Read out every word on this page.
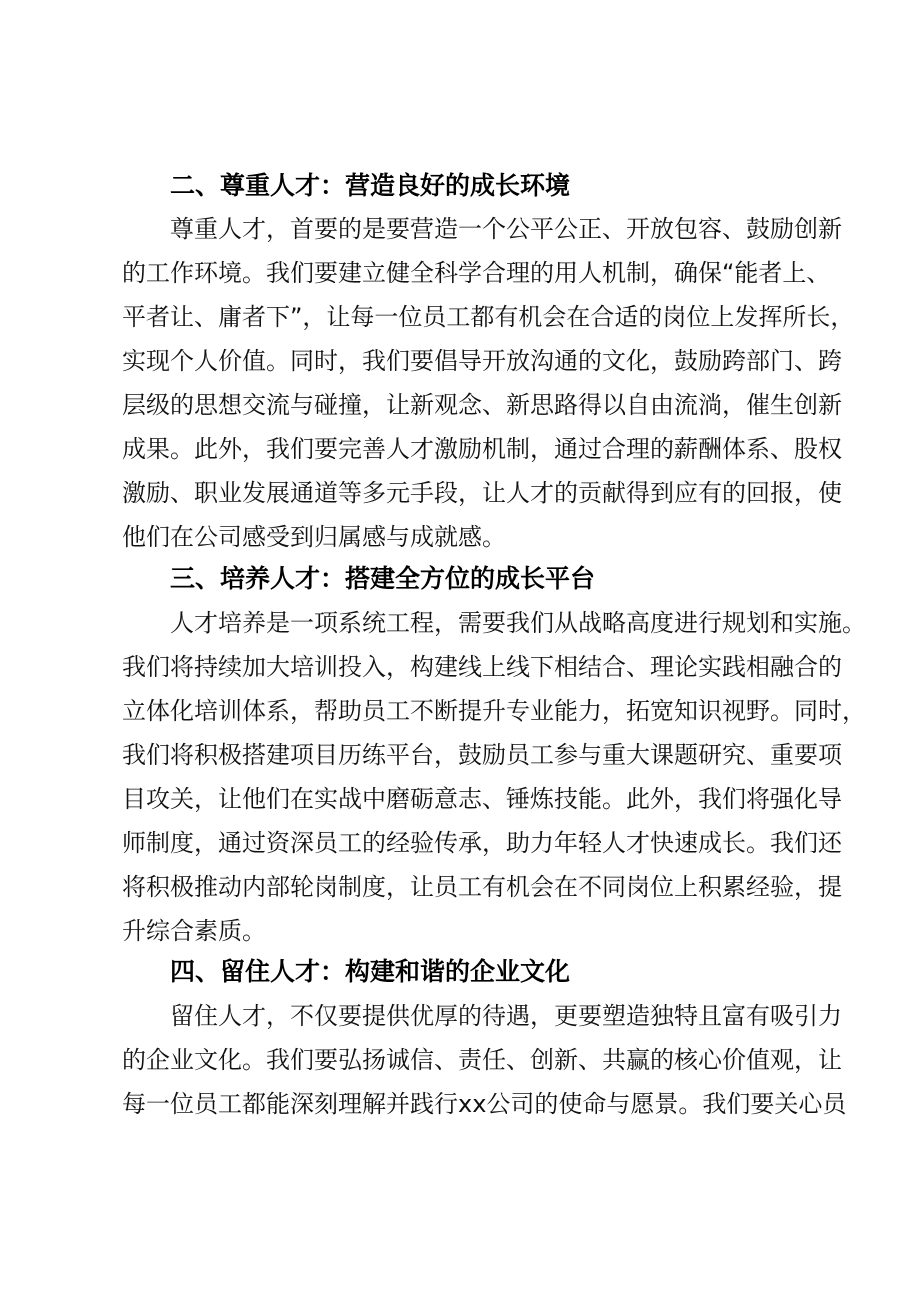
二、尊重人才：营造良好的成长环境
尊重人才，首要的是要营造一个公平公正、开放包容、鼓励创新
的工作环境。我们要建立健全科学合理的用人机制，确保“能者上、
平者让、庸者下”，让每一位员工都有机会在合适的岗位上发挥所长，
实现个人价值。同时，我们要倡导开放沟通的文化，鼓励跨部门、跨
层级的思想交流与碰撞，让新观念、新思路得以自由流淌，催生创新
成果。此外，我们要完善人才激励机制，通过合理的薪酬体系、股权
激励、职业发展通道等多元手段，让人才的贡献得到应有的回报，使
他们在公司感受到归属感与成就感。
三、培养人才：搭建全方位的成长平台
人才培养是一项系统工程，需要我们从战略高度进行规划和实施。
我们将持续加大培训投入，构建线上线下相结合、理论实践相融合的
立体化培训体系，帮助员工不断提升专业能力，拓宽知识视野。同时，
我们将积极搭建项目历练平台，鼓励员工参与重大课题研究、重要项
目攻关，让他们在实战中磨砺意志、锤炼技能。此外，我们将强化导
师制度，通过资深员工的经验传承，助力年轻人才快速成长。我们还
将积极推动内部轮岗制度，让员工有机会在不同岗位上积累经验，提
升综合素质。
四、留住人才：构建和谐的企业文化
留住人才，不仅要提供优厚的待遇，更要塑造独特且富有吸引力
的企业文化。我们要弘扬诚信、责任、创新、共赢的核心价值观，让
每一位员工都能深刻理解并践行xx公司的使命与愿景。我们要关心员
